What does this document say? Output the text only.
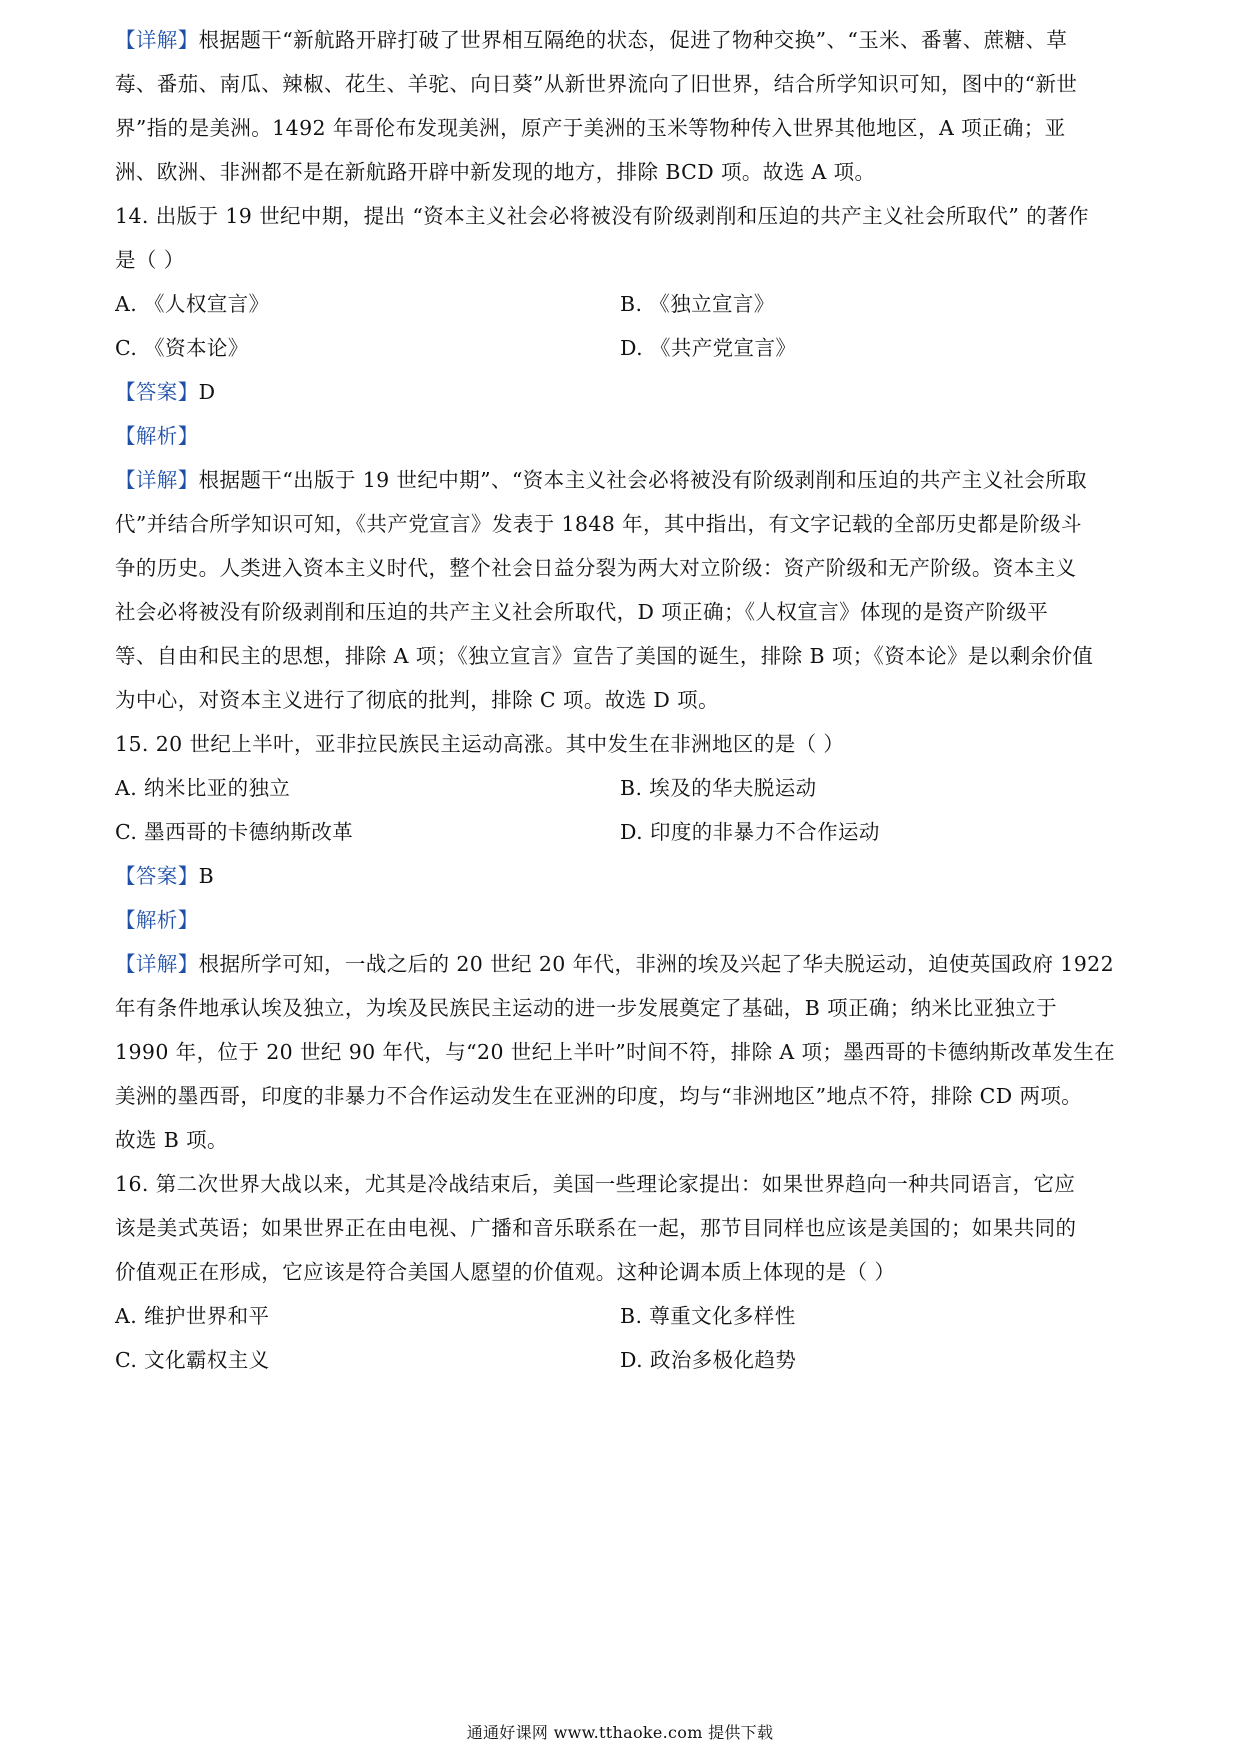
【详解】根据题干“新航路开辟打破了世界相互隔绝的状态，促进了物种交换”、“玉米、番薯、蔗糖、草
莓、番茄、南瓜、辣椒、花生、羊驼、向日葵”从新世界流向了旧世界，结合所学知识可知，图中的“新世
界”指的是美洲。1492 年哥伦布发现美洲，原产于美洲的玉米等物种传入世界其他地区，A 项正确；亚
洲、欧洲、非洲都不是在新航路开辟中新发现的地方，排除 BCD 项。故选 A 项。
14. 出版于 19 世纪中期，提出 “资本主义社会必将被没有阶级剥削和压迫的共产主义社会所取代” 的著作
是（ ）
A. 《人权宣言》	B. 《独立宣言》
C. 《资本论》	D. 《共产党宣言》
【答案】D
【解析】
【详解】根据题干“出版于 19 世纪中期”、“资本主义社会必将被没有阶级剥削和压迫的共产主义社会所取
代”并结合所学知识可知，《共产党宣言》发表于 1848 年，其中指出，有文字记载的全部历史都是阶级斗
争的历史。人类进入资本主义时代，整个社会日益分裂为两大对立阶级：资产阶级和无产阶级。资本主义
社会必将被没有阶级剥削和压迫的共产主义社会所取代，D 项正确；《人权宣言》体现的是资产阶级平
等、自由和民主的思想，排除 A 项；《独立宣言》宣告了美国的诞生，排除 B 项；《资本论》是以剩余价值
为中心，对资本主义进行了彻底的批判，排除 C 项。故选 D 项。
15. 20 世纪上半叶，亚非拉民族民主运动高涨。其中发生在非洲地区的是（ ）
A. 纳米比亚的独立	B. 埃及的华夫脱运动
C. 墨西哥的卡德纳斯改革	D. 印度的非暴力不合作运动
【答案】B
【解析】
【详解】根据所学可知，一战之后的 20 世纪 20 年代，非洲的埃及兴起了华夫脱运动，迫使英国政府 1922
年有条件地承认埃及独立，为埃及民族民主运动的进一步发展奠定了基础，B 项正确；纳米比亚独立于
1990 年，位于 20 世纪 90 年代，与“20 世纪上半叶”时间不符，排除 A 项；墨西哥的卡德纳斯改革发生在
美洲的墨西哥，印度的非暴力不合作运动发生在亚洲的印度，均与“非洲地区”地点不符，排除 CD 两项。
故选 B 项。
16. 第二次世界大战以来，尤其是冷战结束后，美国一些理论家提出：如果世界趋向一种共同语言，它应
该是美式英语；如果世界正在由电视、广播和音乐联系在一起，那节目同样也应该是美国的；如果共同的
价值观正在形成，它应该是符合美国人愿望的价值观。这种论调本质上体现的是（ ）
A. 维护世界和平	B. 尊重文化多样性
C. 文化霸权主义	D. 政治多极化趋势
通通好课网 www.tthaoke.com 提供下载
